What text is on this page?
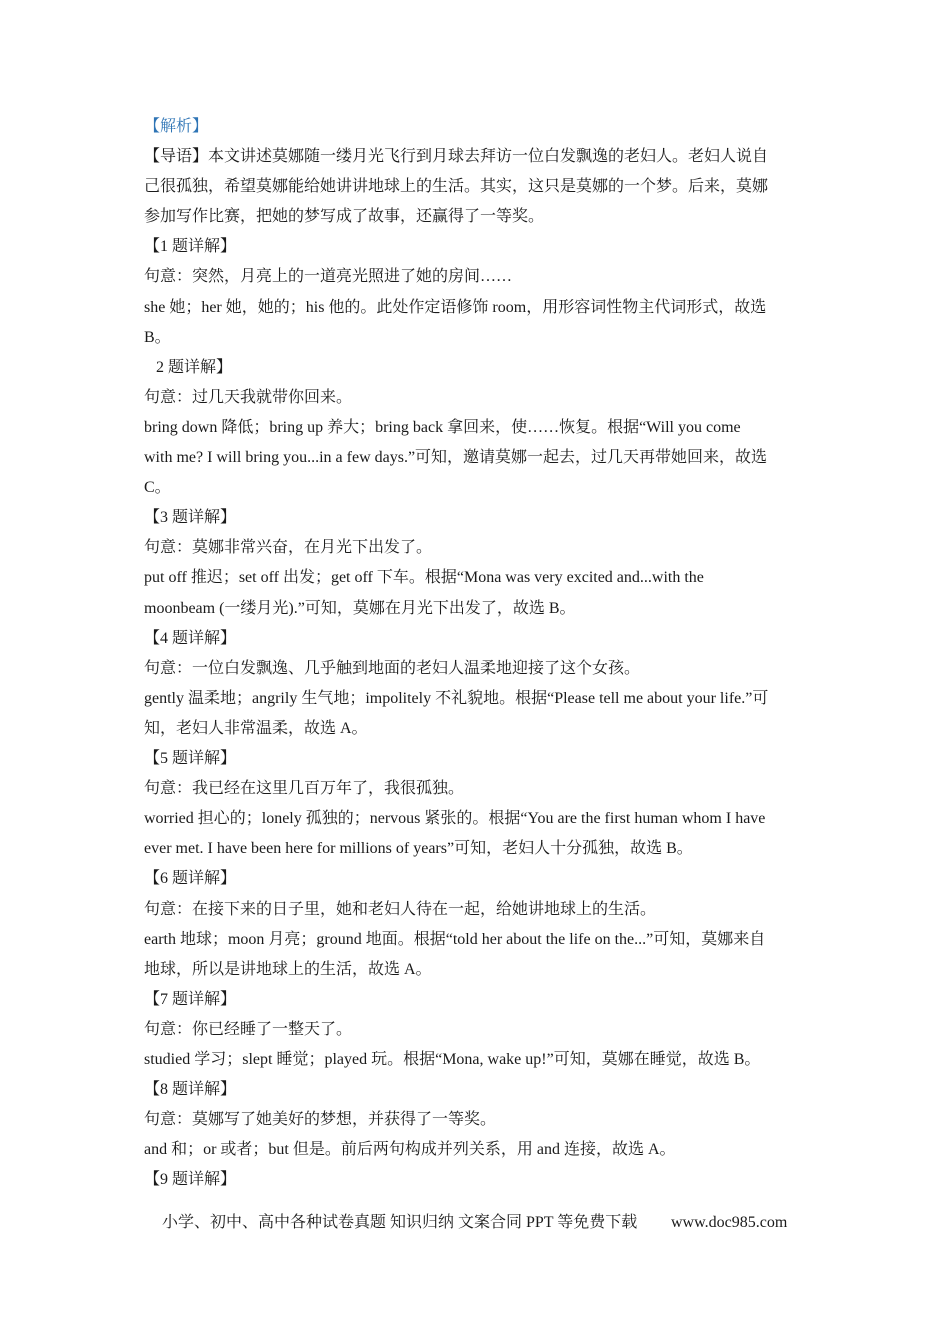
【解析】
【导语】本文讲述莫娜随一缕月光飞行到月球去拜访一位白发飘逸的老妇人。老妇人说自
己很孤独，希望莫娜能给她讲讲地球上的生活。其实，这只是莫娜的一个梦。后来，莫娜
参加写作比赛，把她的梦写成了故事，还赢得了一等奖。
【1 题详解】
句意：突然，月亮上的一道亮光照进了她的房间……
she 她；her 她，她的；his 他的。此处作定语修饰 room，用形容词性物主代词形式，故选
B。
2 题详解】
句意：过几天我就带你回来。
bring down 降低；bring up 养大；bring back 拿回来，使……恢复。根据“Will you come
with me? I will bring you...in a few days.”可知，邀请莫娜一起去，过几天再带她回来，故选
C。
【3 题详解】
句意：莫娜非常兴奋，在月光下出发了。
put off 推迟；set off 出发；get off 下车。根据“Mona was very excited and...with the
moonbeam (一缕月光).”可知，莫娜在月光下出发了，故选 B。
【4 题详解】
句意：一位白发飘逸、几乎触到地面的老妇人温柔地迎接了这个女孩。
gently 温柔地；angrily 生气地；impolitely 不礼貌地。根据“Please tell me about your life.”可
知，老妇人非常温柔，故选 A。
【5 题详解】
句意：我已经在这里几百万年了，我很孤独。
worried 担心的；lonely 孤独的；nervous 紧张的。根据“You are the first human whom I have
ever met. I have been here for millions of years”可知，老妇人十分孤独，故选 B。
【6 题详解】
句意：在接下来的日子里，她和老妇人待在一起，给她讲地球上的生活。
earth 地球；moon 月亮；ground 地面。根据“told her about the life on the...”可知，莫娜来自
地球，所以是讲地球上的生活，故选 A。
【7 题详解】
句意：你已经睡了一整天了。
studied 学习；slept 睡觉；played 玩。根据“Mona, wake up!”可知，莫娜在睡觉，故选 B。
【8 题详解】
句意：莫娜写了她美好的梦想，并获得了一等奖。
and 和；or 或者；but 但是。前后两句构成并列关系，用 and 连接，故选 A。
【9 题详解】
小学、初中、高中各种试卷真题 知识归纳 文案合同 PPT 等免费下载 www.doc985.com
